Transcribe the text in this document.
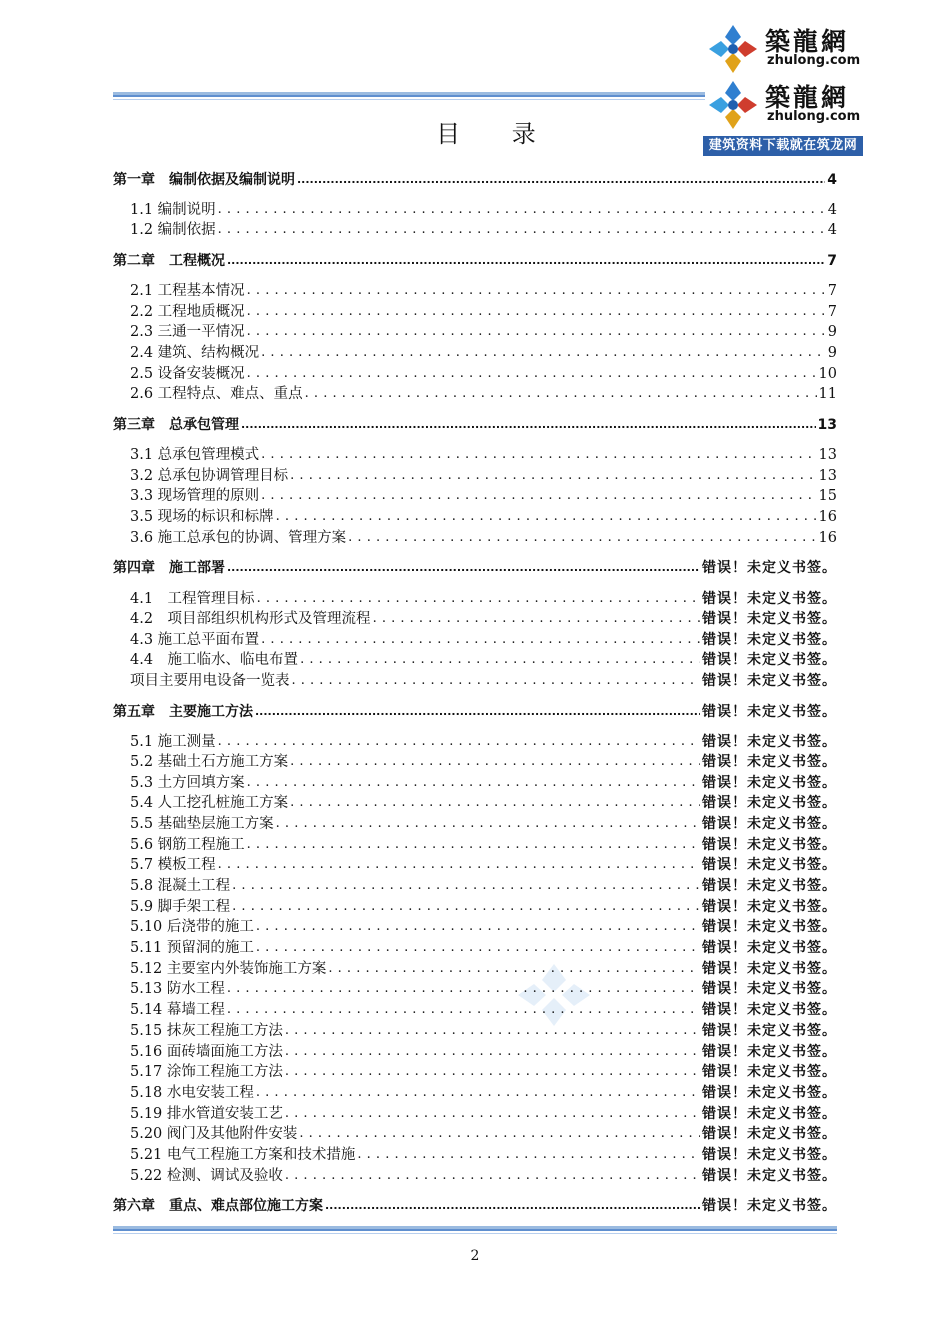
築龍網
zhulong.com
築龍網
zhulong.com
建筑资料下载就在筑龙网
目 录
第一章　编制依据及编制说明 .....	4
1.1 编制说明 . . .	4
1.2 编制依据 . . .	4
第二章　工程概况 .....	7
2.1 工程基本情况 . . .	7
2.2 工程地质概况 . . .	7
2.3 三通一平情况 . . .	9
2.4 建筑、结构概况 . . .	9
2.5 设备安装概况 . . .	10
2.6 工程特点、难点、重点 . . .	11
第三章　总承包管理 .....	13
3.1 总承包管理模式 . . .	13
3.2 总承包协调管理目标 . . .	13
3.3 现场管理的原则 . . .	15
3.5 现场的标识和标牌 . . .	16
3.6 施工总承包的协调、管理方案 . . .	16
第四章　施工部署 .....	错误！未定义书签。
4.1　工程管理目标 . . .	错误！未定义书签。
4.2　项目部组织机构形式及管理流程 . . .	错误！未定义书签。
4.3 施工总平面布置 . . .	错误！未定义书签。
4.4　施工临水、临电布置 . . .	错误！未定义书签。
项目主要用电设备一览表 . . .	错误！未定义书签。
第五章　主要施工方法 .....	错误！未定义书签。
5.1 施工测量 . . .	错误！未定义书签。
5.2 基础土石方施工方案 . . .	错误！未定义书签。
5.3 土方回填方案 . . .	错误！未定义书签。
5.4 人工挖孔桩施工方案 . . .	错误！未定义书签。
5.5 基础垫层施工方案 . . .	错误！未定义书签。
5.6 钢筋工程施工 . . .	错误！未定义书签。
5.7 模板工程 . . .	错误！未定义书签。
5.8 混凝土工程 . . .	错误！未定义书签。
5.9 脚手架工程 . . .	错误！未定义书签。
5.10 后浇带的施工 . . .	错误！未定义书签。
5.11 预留洞的施工 . . .	错误！未定义书签。
5.12 主要室内外装饰施工方案 . . .	错误！未定义书签。
5.13 防水工程 . . .	错误！未定义书签。
5.14 幕墙工程 . . .	错误！未定义书签。
5.15 抹灰工程施工方法 . . .	错误！未定义书签。
5.16 面砖墙面施工方法 . . .	错误！未定义书签。
5.17 涂饰工程施工方法 . . .	错误！未定义书签。
5.18 水电安装工程 . . .	错误！未定义书签。
5.19 排水管道安装工艺 . . .	错误！未定义书签。
5.20 阀门及其他附件安装 . . .	错误！未定义书签。
5.21 电气工程施工方案和技术措施 . . .	错误！未定义书签。
5.22 检测、调试及验收 . . .	错误！未定义书签。
第六章　重点、难点部位施工方案 .....	错误！未定义书签。
2
